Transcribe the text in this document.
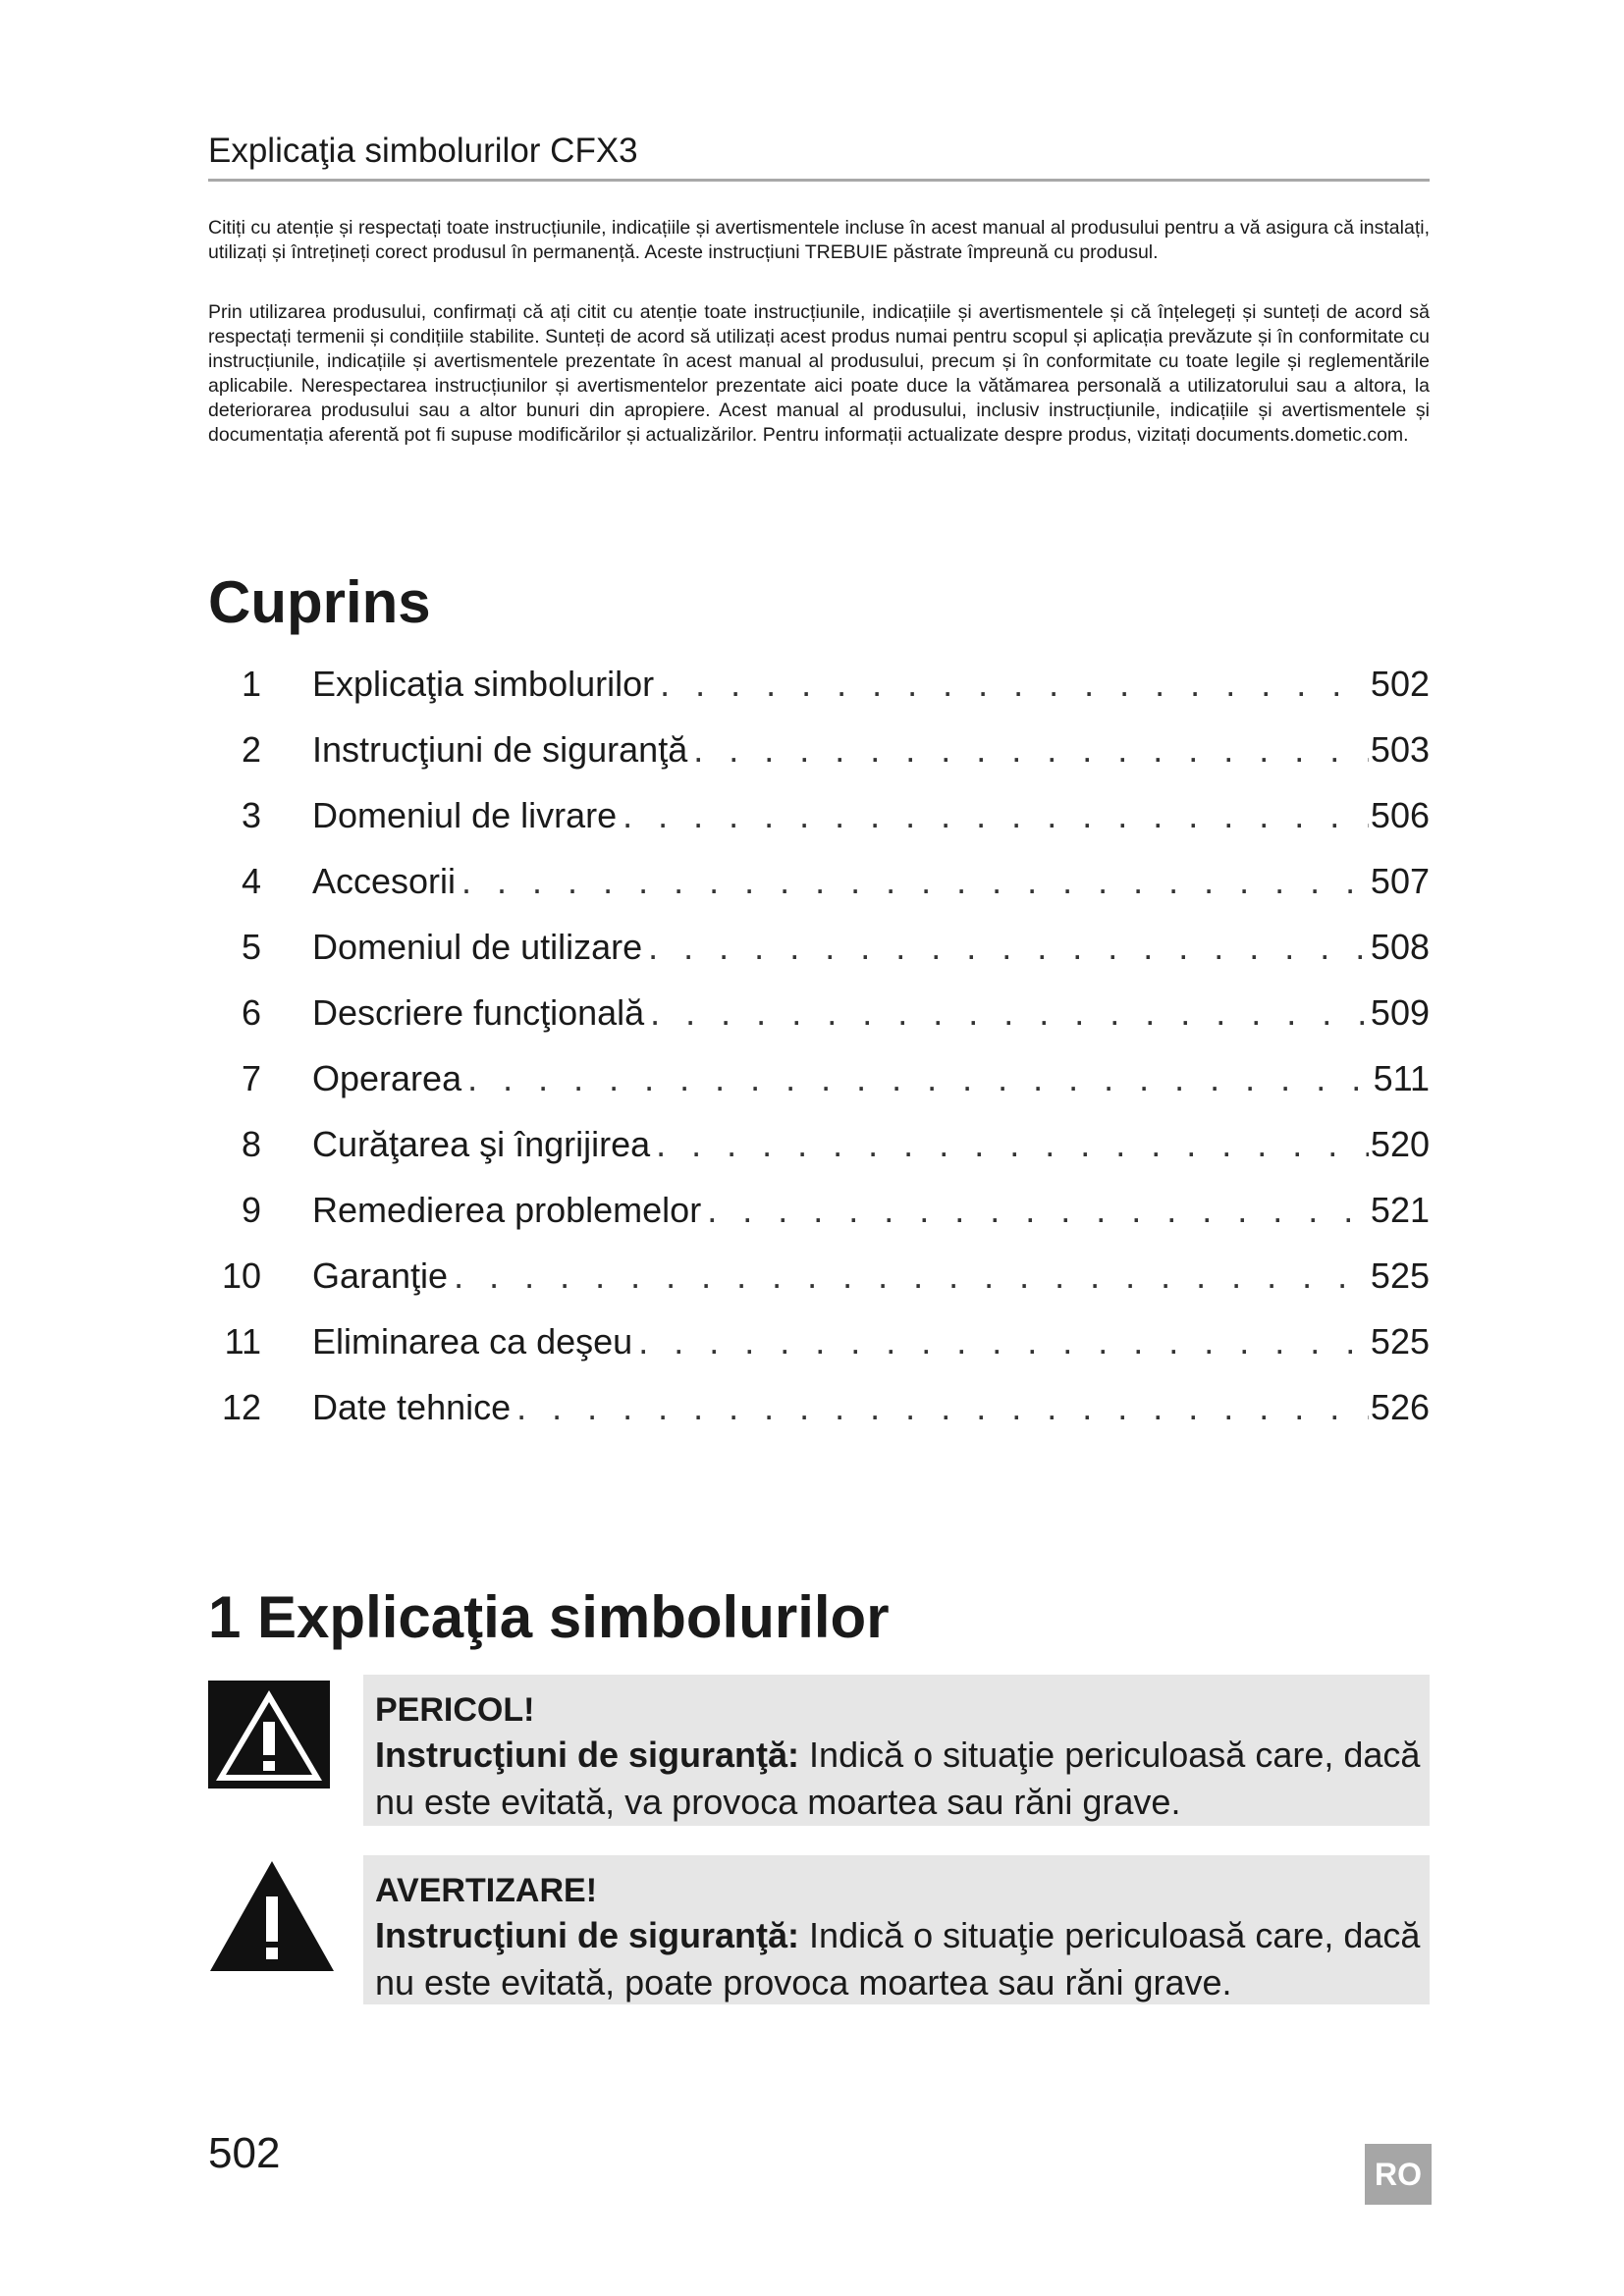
Explicaţia simbolurilor CFX3
Citiți cu atenție și respectați toate instrucțiunile, indicațiile și avertismentele incluse în acest manual al produsului pentru a vă asigura că instalați, utilizați și întrețineți corect produsul în permanență. Aceste instrucțiuni TREBUIE păstrate împreună cu produsul.
Prin utilizarea produsului, confirmați că ați citit cu atenție toate instrucțiunile, indicațiile și avertismentele și că înțelegeți și sunteți de acord să respectați termenii și condițiile stabilite. Sunteți de acord să utilizați acest produs numai pentru scopul și aplicația prevăzute și în conformitate cu instrucțiunile, indicațiile și avertismentele prezentate în acest manual al produsului, precum și în conformitate cu toate legile și reglementările aplicabile. Nerespectarea instrucțiunilor și avertismentelor prezentate aici poate duce la vătămarea personală a utilizatorului sau a altora, la deteriorarea produsului sau a altor bunuri din apropiere. Acest manual al produsului, inclusiv instrucțiunile, indicațiile și avertismentele și documentația aferentă pot fi supuse modificărilor și actualizărilor. Pentru informații actualizate despre produs, vizitați documents.dometic.com.
Cuprins
1 Explicaţia simbolurilor . . .	502
2 Instrucţiuni de siguranţă . . .	503
3 Domeniul de livrare . . .	506
4 Accesorii . . .	507
5 Domeniul de utilizare . . .	508
6 Descriere funcţională . . .	509
7 Operarea . . .	511
8 Curăţarea şi îngrijirea . . .	520
9 Remedierea problemelor . . .	521
10 Garanţie . . .	525
11 Eliminarea ca deşeu . . .	525
12 Date tehnice . . .	526
1 Explicaţia simbolurilor
PERICOL!
Instrucţiuni de siguranţă: Indică o situaţie periculoasă care, dacă nu este evitată, va provoca moartea sau răni grave.
AVERTIZARE!
Instrucţiuni de siguranţă: Indică o situaţie periculoasă care, dacă nu este evitată, poate provoca moartea sau răni grave.
502	RO
